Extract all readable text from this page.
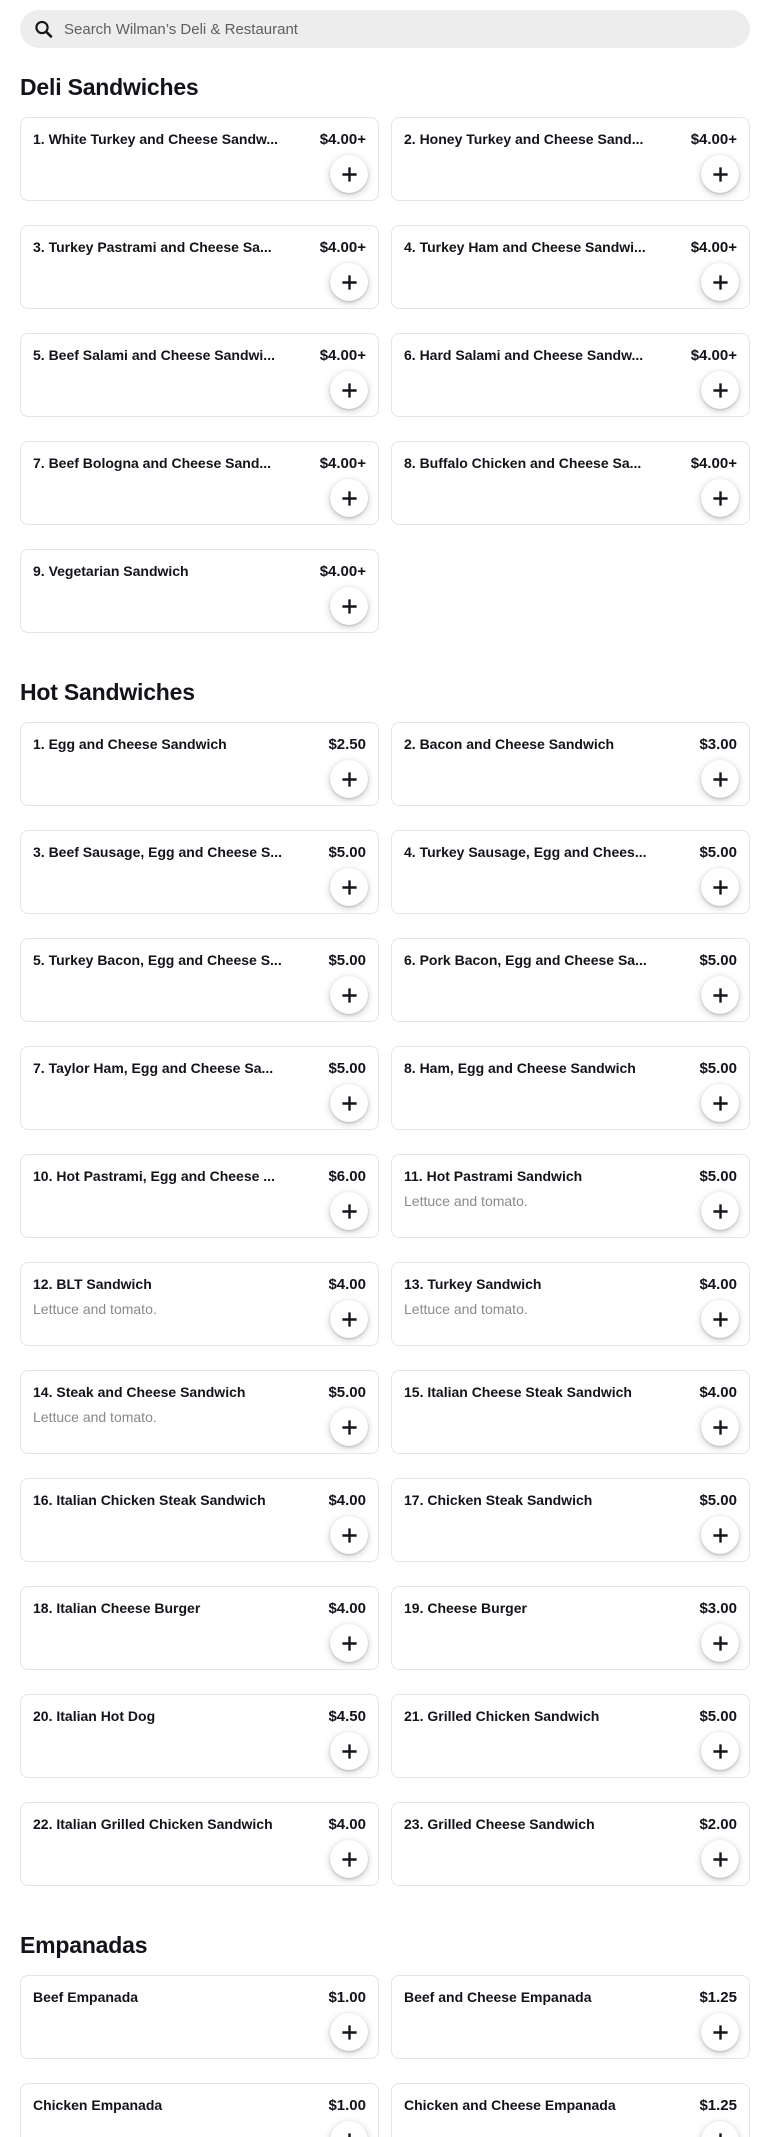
Search Wilman’s Deli & Restaurant
Deli Sandwiches
1. White Turkey and Cheese Sandw...	$4.00+	2. Honey Turkey and Cheese Sand...	$4.00+
3. Turkey Pastrami and Cheese Sa...	$4.00+	4. Turkey Ham and Cheese Sandwi...	$4.00+
5. Beef Salami and Cheese Sandwi...	$4.00+	6. Hard Salami and Cheese Sandw...	$4.00+
7. Beef Bologna and Cheese Sand...	$4.00+	8. Buffalo Chicken and Cheese Sa...	$4.00+
9. Vegetarian Sandwich	$4.00+
Hot Sandwiches
1. Egg and Cheese Sandwich	$2.50	2. Bacon and Cheese Sandwich	$3.00
3. Beef Sausage, Egg and Cheese S...	$5.00	4. Turkey Sausage, Egg and Chees...	$5.00
5. Turkey Bacon, Egg and Cheese S...	$5.00	6. Pork Bacon, Egg and Cheese Sa...	$5.00
7. Taylor Ham, Egg and Cheese Sa...	$5.00	8. Ham, Egg and Cheese Sandwich	$5.00
10. Hot Pastrami, Egg and Cheese ...	$6.00	11. Hot Pastrami Sandwich	$5.00
Lettuce and tomato.
12. BLT Sandwich	$4.00
Lettuce and tomato.
13. Turkey Sandwich	$4.00
Lettuce and tomato.
14. Steak and Cheese Sandwich	$5.00
Lettuce and tomato.
15. Italian Cheese Steak Sandwich	$4.00
16. Italian Chicken Steak Sandwich	$4.00	17. Chicken Steak Sandwich	$5.00
18. Italian Cheese Burger	$4.00	19. Cheese Burger	$3.00
20. Italian Hot Dog	$4.50	21. Grilled Chicken Sandwich	$5.00
22. Italian Grilled Chicken Sandwich	$4.00	23. Grilled Cheese Sandwich	$2.00
Empanadas
Beef Empanada	$1.00	Beef and Cheese Empanada	$1.25
Chicken Empanada	$1.00	Chicken and Cheese Empanada	$1.25
